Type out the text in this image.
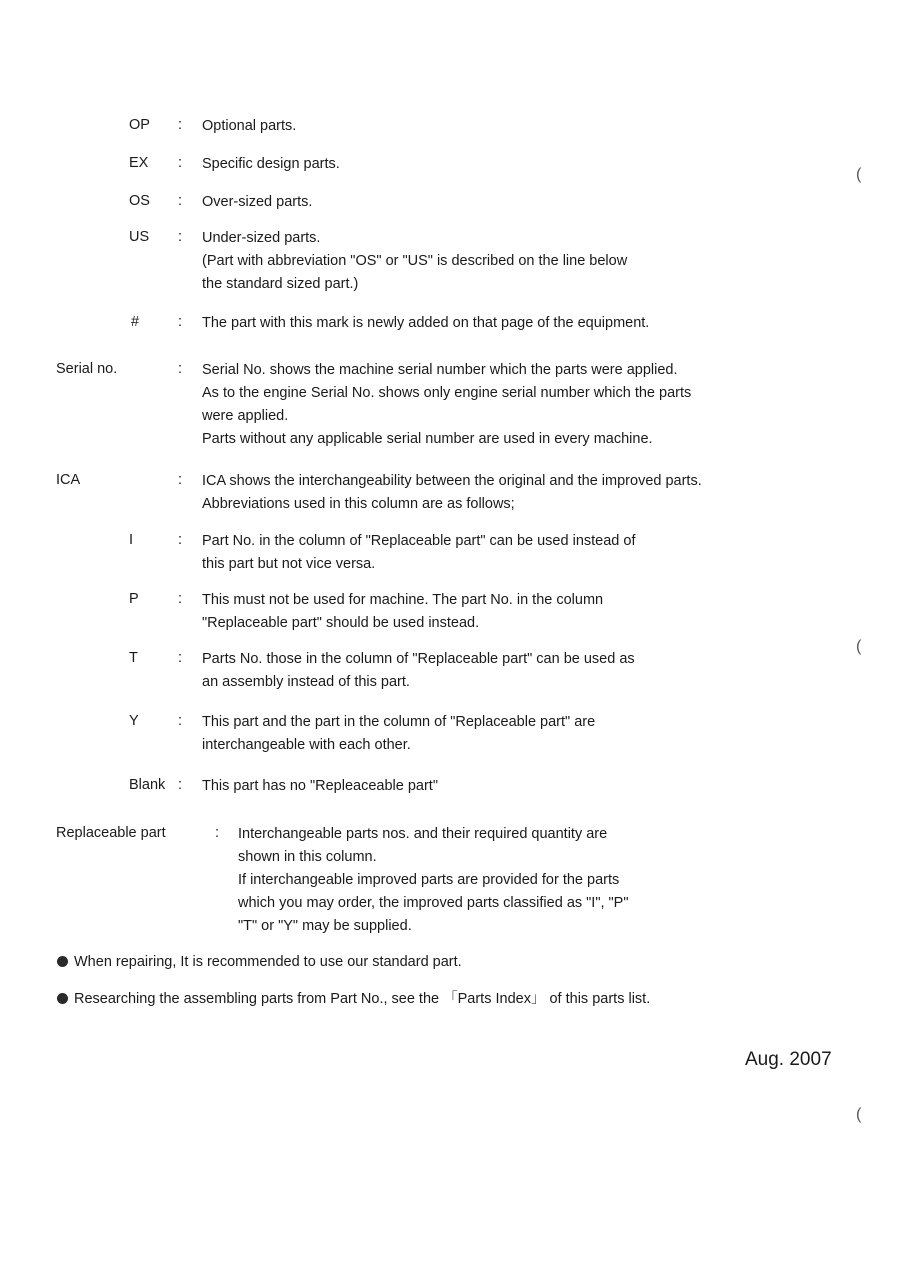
OP : Optional parts.
EX : Specific design parts.
OS : Over-sized parts.
US : Under-sized parts.
(Part with abbreviation "OS" or "US" is described on the line below
the standard sized part.)
#	: The part with this mark is newly added on that page of the equipment.
Serial no.	: Serial No. shows the machine serial number which the parts were applied.
As to the engine Serial No. shows only engine serial number which the parts
were applied.
Parts without any applicable serial number are used in every machine.
ICA	: ICA shows the interchangeability between the original and the improved parts.
Abbreviations used in this column are as follows;
I	: Part No. in the column of "Replaceable part" can be used instead of
this part but not vice versa.
P	: This must not be used for machine. The part No. in the column
"Replaceable part" should be used instead.
T	: Parts No. those in the column of "Replaceable part" can be used as
an assembly instead of this part.
Y	: This part and the part in the column of "Replaceable part" are
interchangeable with each other.
Blank : This part has no "Repleaceable part"
Replaceable part	: Interchangeable parts nos. and their required quantity are
shown in this column.
If interchangeable improved parts are provided for the parts
which you may order, the improved parts classified as "I", "P"
"T" or "Y" may be supplied.
When repairing, It is recommended to use our standard part.
Researching the assembling parts from Part No., see the 「Parts Index」 of this parts list.
Aug. 2007
(
(
(
